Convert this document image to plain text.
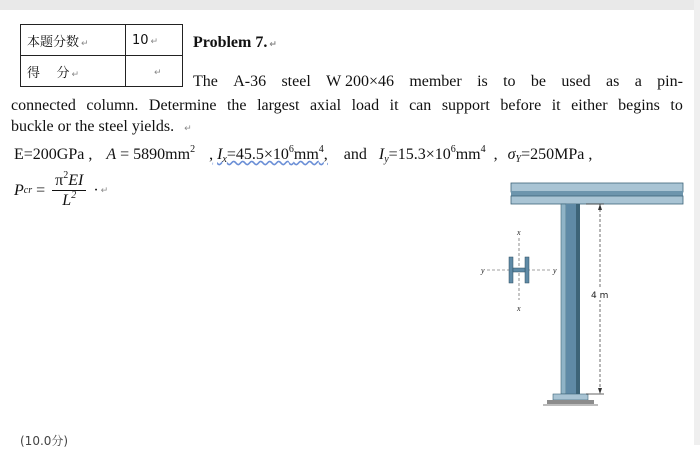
本题分数 ↵	10 ↵
得    分 ↵	↵
Problem 7. ↵
The A-36 steel W 200×46 member is to be used as a pin-
connected column. Determine the largest axial load it can support before it either begins to
buckle or the steel yields. ↵
E=200GPa , $A = 5890mm^2$ , $I_x=45.5\times 10^6mm^4$, and $I_y=15.3\times 10^6mm^4$ , $\sigma_Y=250MPa$ ,
P cr = $\frac{\pi^2EI}{L^2}$ · ↵
4 m
x
x
y	y
(10.0分)
